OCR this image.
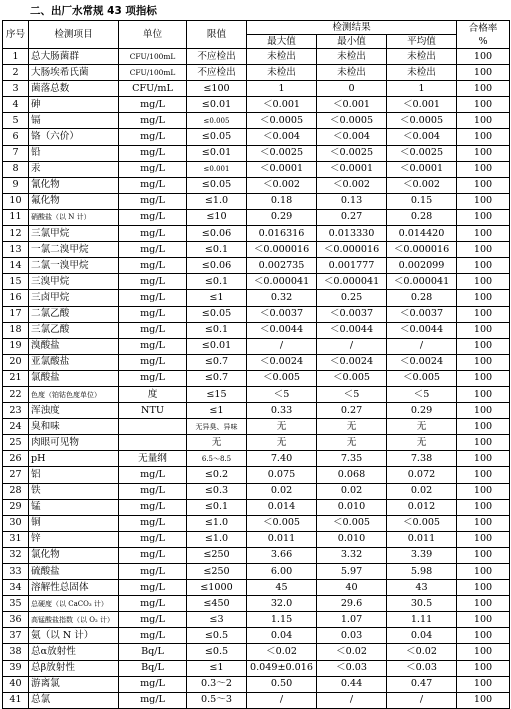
二、出厂水常规 43 项指标
序号	检测项目	单位	限值	检测结果			合格率
%

				最大值	最小值	平均值	
1	总大肠菌群	CFU/100mL	不应检出	未检出	未检出	未检出	100
2	大肠埃希氏菌	CFU/100mL	不应检出	未检出	未检出	未检出	100
3	菌落总数	CFU/mL	≤100	1	0	1	100
4	砷	mg/L	≤0.01	＜0.001	＜0.001	＜0.001	100
5	镉	mg/L	≤0.005	＜0.0005	＜0.0005	＜0.0005	100
6	铬（六价）	mg/L	≤0.05	＜0.004	＜0.004	＜0.004	100
7	铅	mg/L	≤0.01	＜0.0025	＜0.0025	＜0.0025	100
8	汞	mg/L	≤0.001	＜0.0001	＜0.0001	＜0.0001	100
9	氰化物	mg/L	≤0.05	＜0.002	＜0.002	＜0.002	100
10	氟化物	mg/L	≤1.0	0.18	0.13	0.15	100
11	硝酸盐（以 N 计）	mg/L	≤10	0.29	0.27	0.28	100
12	三氯甲烷	mg/L	≤0.06	0.016316	0.013330	0.014420	100
13	一氯二溴甲烷	mg/L	≤0.1	＜0.000016	＜0.000016	＜0.000016	100
14	二氯一溴甲烷	mg/L	≤0.06	0.002735	0.001777	0.002099	100
15	三溴甲烷	mg/L	≤0.1	＜0.000041	＜0.000041	＜0.000041	100
16	三卤甲烷	mg/L	≤1	0.32	0.25	0.28	100
17	二氯乙酸	mg/L	≤0.05	＜0.0037	＜0.0037	＜0.0037	100
18	三氯乙酸	mg/L	≤0.1	＜0.0044	＜0.0044	＜0.0044	100
19	溴酸盐	mg/L	≤0.01	/	/	/	100
20	亚氯酸盐	mg/L	≤0.7	＜0.0024	＜0.0024	＜0.0024	100
21	氯酸盐	mg/L	≤0.7	＜0.005	＜0.005	＜0.005	100
22	色度（铂钴色度单位）	度	≤15	＜5	＜5	＜5	100
23	浑浊度	NTU	≤1	0.33	0.27	0.29	100
24	臭和味		无异臭、异味	无	无	无	100
25	肉眼可见物		无	无	无	无	100
26	pH	无量纲	6.5～8.5	7.40	7.35	7.38	100
27	铝	mg/L	≤0.2	0.075	0.068	0.072	100
28	铁	mg/L	≤0.3	0.02	0.02	0.02	100
29	锰	mg/L	≤0.1	0.014	0.010	0.012	100
30	铜	mg/L	≤1.0	＜0.005	＜0.005	＜0.005	100
31	锌	mg/L	≤1.0	0.011	0.010	0.011	100
32	氯化物	mg/L	≤250	3.66	3.32	3.39	100
33	硫酸盐	mg/L	≤250	6.00	5.97	5.98	100
34	溶解性总固体	mg/L	≤1000	45	40	43	100
35	总硬度（以 CaCO₃ 计）	mg/L	≤450	32.0	29.6	30.5	100
36	高锰酸盐指数（以 O₂ 计）	mg/L	≤3	1.15	1.07	1.11	100
37	氨（以 N 计）	mg/L	≤0.5	0.04	0.03	0.04	100
38	总α放射性	Bq/L	≤0.5	＜0.02	＜0.02	＜0.02	100
39	总β放射性	Bq/L	≤1	0.049±0.016	＜0.03	＜0.03	100
40	游离氯	mg/L	0.3～2	0.50	0.44	0.47	100
41	总氯	mg/L	0.5～3	/	/	/	100
